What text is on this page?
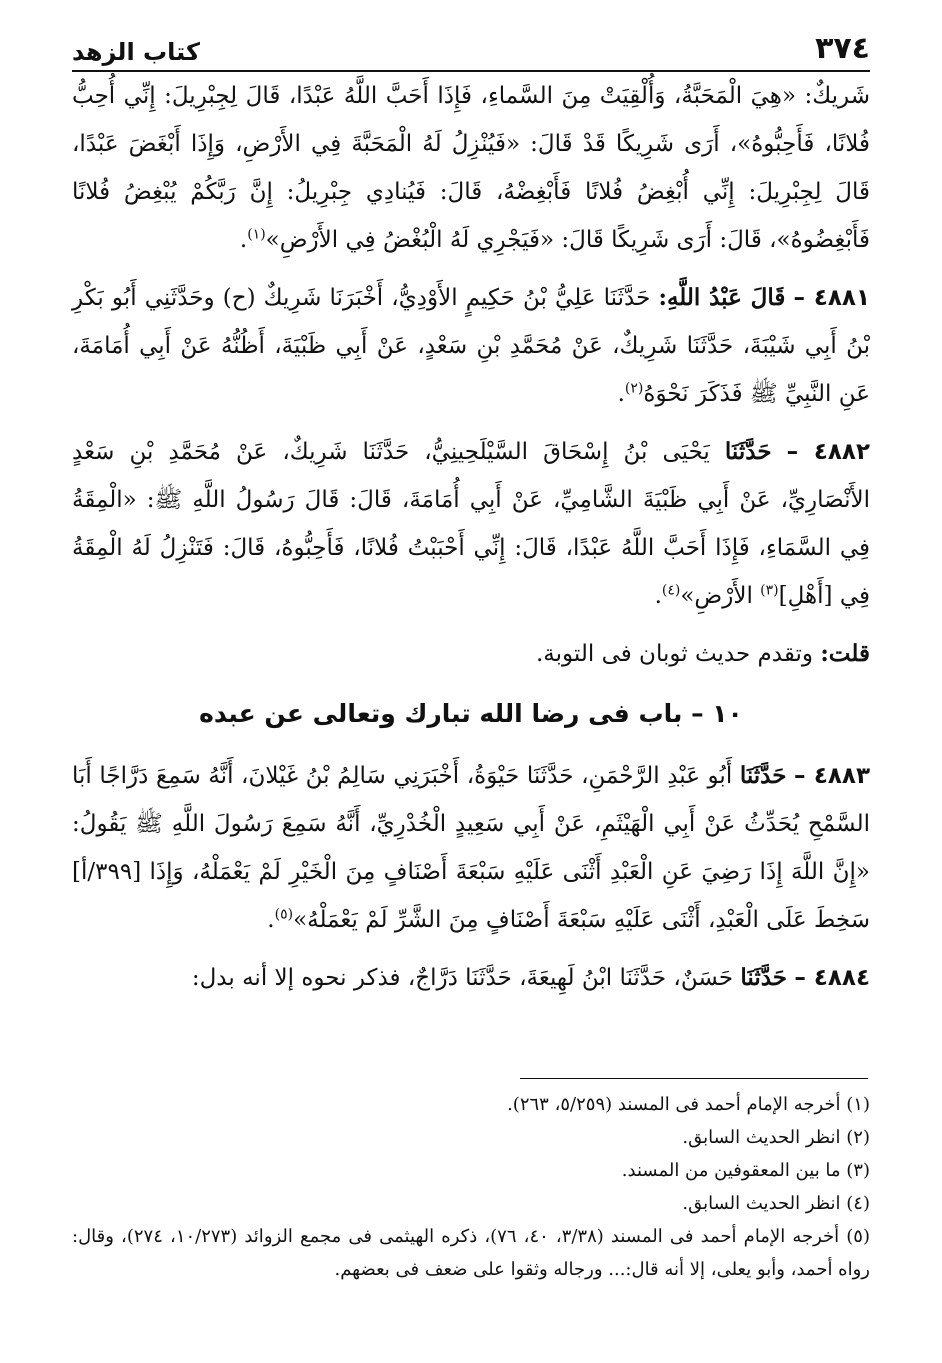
٣٧٤
كتاب الزهد

شَريكٌ: «هِيَ الْمَحَبَّةُ، وَأُلْقِيَتْ مِنَ السَّماءِ، فَإِذَا أَحَبَّ اللَّهُ عَبْدًا، قَالَ لِجِبْرِيلَ: إِنِّي أُحِبُّ فُلانًا، فَأَحِبُّوهُ»، أَرَى شَرِيكًا قَدْ قَالَ: «فَيُنْزِلُ لَهُ الْمَحَبَّةَ فِي الأَرْضِ، وَإِذَا أَبْغَضَ عَبْدًا، قَالَ لِجِبْرِيلَ: إِنِّي أُبْغِضُ فُلانًا فَأَبْغِضْهُ، قَالَ: فَيُنادِي جِبْرِيلُ: إِنَّ رَبَّكُمْ يُبْغِضُ فُلانًا فَأَبْغِضُوهُ»، قَالَ: أَرَى شَرِيكًا قَالَ: «فَيَجْرِي لَهُ الْبُغْضُ فِي الأَرْضِ»$^{(١)}$.

٤٨٨١ – قَالَ عَبْدُ اللَّهِ: حَدَّثَنَا عَلِيُّ بْنُ حَكِيمٍ الأَوْدِيُّ، أَخْبَرَنَا شَرِيكٌ (ح) وحَدَّثَنِي أَبُو بَكْرِ بْنُ أَبِي شَيْبَةَ، حَدَّثَنَا شَرِيكٌ، عَنْ مُحَمَّدِ بْنِ سَعْدٍ، عَنْ أَبِي ظَبْيَةَ، أَظُنُّهُ عَنْ أَبِي أُمَامَةَ، عَنِ النَّبِيِّ ﷺ فَذَكَرَ نَحْوَهُ$^{(٢)}$.

٤٨٨٢ – حَدَّثَنَا يَحْيَى بْنُ إِسْحَاقَ السَّيْلَحِينِيُّ، حَدَّثَنَا شَرِيكٌ، عَنْ مُحَمَّدِ بْنِ سَعْدٍ الأَنْصَارِيِّ، عَنْ أَبِي ظَبْيَةَ الشَّامِيِّ، عَنْ أَبِي أُمَامَةَ، قَالَ: قَالَ رَسُولُ اللَّهِ ﷺ: «الْمِقَةُ فِي السَّمَاءِ، فَإِذَا أَحَبَّ اللَّهُ عَبْدًا، قَالَ: إِنِّي أَحْبَبْتُ فُلانًا، فَأَحِبُّوهُ، قَالَ: فَتَنْزِلُ لَهُ الْمِقَةُ فِي [أَهْلِ]$^{(٣)}$ الأَرْضِ»$^{(٤)}$.

قلت: وتقدم حديث ثوبان فى التوبة.

١٠ – باب فى رضا الله تبارك وتعالى عن عبده

٤٨٨٣ – حَدَّثَنَا أَبُو عَبْدِ الرَّحْمَنِ، حَدَّثَنَا حَيْوَةُ، أَخْبَرَنِي سَالِمُ بْنُ غَيْلانَ، أَنَّهُ سَمِعَ دَرَّاجًا أَبَا السَّمْحِ يُحَدِّثُ عَنْ أَبِي الْهَيْثَمِ، عَنْ أَبِي سَعِيدٍ الْخُدْرِيِّ، أَنَّهُ سَمِعَ رَسُولَ اللَّهِ ﷺ يَقُولُ: «إِنَّ اللَّهَ إِذَا رَضِيَ عَنِ الْعَبْدِ أَثْنَى عَلَيْهِ سَبْعَةَ أَصْنَافٍ مِنَ الْخَيْرِ لَمْ يَعْمَلْهُ، وَإِذَا [٣٩٩/أ] سَخِطَ عَلَى الْعَبْدِ، أَثْنَى عَلَيْهِ سَبْعَةَ أَصْنَافٍ مِنَ الشَّرِّ لَمْ يَعْمَلْهُ»$^{(٥)}$.

٤٨٨٤ – حَدَّثَنَا حَسَنٌ، حَدَّثَنَا ابْنُ لَهِيعَةَ، حَدَّثَنَا دَرَّاجٌ، فذكر نحوه إلا أنه بدل:

(١) أخرجه الإمام أحمد فى المسند (٥/٢٥٩، ٢٦٣).

(٢) انظر الحديث السابق.

(٣) ما بين المعقوفين من المسند.

(٤) انظر الحديث السابق.

(٥) أخرجه الإمام أحمد فى المسند (٣/٣٨، ٤٠، ٧٦)، ذكره الهيثمى فى مجمع الزوائد (١٠/٢٧٣، ٢٧٤)، وقال: رواه أحمد، وأبو يعلى، إلا أنه قال:... ورجاله وثقوا على ضعف فى بعضهم.
